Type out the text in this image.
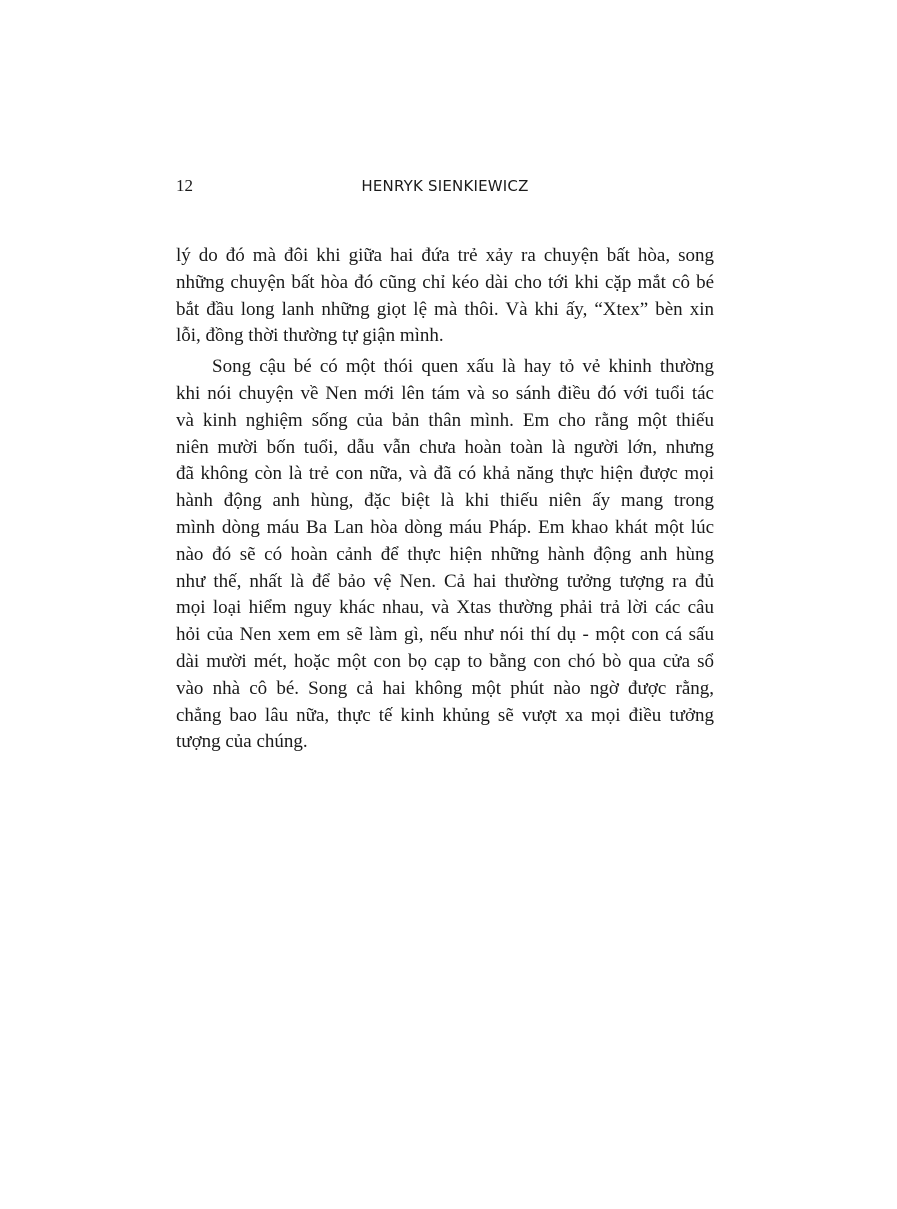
12	HENRYK SIENKIEWICZ
lý do đó mà đôi khi giữa hai đứa trẻ xảy ra chuyện bất hòa, song
những chuyện bất hòa đó cũng chỉ kéo dài cho tới khi cặp mắt cô bé
bắt đầu long lanh những giọt lệ mà thôi. Và khi ấy, “Xtex” bèn xin
lỗi, đồng thời thường tự giận mình.
Song cậu bé có một thói quen xấu là hay tỏ vẻ khinh thường
khi nói chuyện về Nen mới lên tám và so sánh điều đó với tuổi tác
và kinh nghiệm sống của bản thân mình. Em cho rằng một thiếu
niên mười bốn tuổi, dẫu vẫn chưa hoàn toàn là người lớn, nhưng
đã không còn là trẻ con nữa, và đã có khả năng thực hiện được mọi
hành động anh hùng, đặc biệt là khi thiếu niên ấy mang trong
mình dòng máu Ba Lan hòa dòng máu Pháp. Em khao khát một lúc
nào đó sẽ có hoàn cảnh để thực hiện những hành động anh hùng
như thế, nhất là để bảo vệ Nen. Cả hai thường tưởng tượng ra đủ
mọi loại hiểm nguy khác nhau, và Xtas thường phải trả lời các câu
hỏi của Nen xem em sẽ làm gì, nếu như nói thí dụ - một con cá sấu
dài mười mét, hoặc một con bọ cạp to bằng con chó bò qua cửa sổ
vào nhà cô bé. Song cả hai không một phút nào ngờ được rằng,
chẳng bao lâu nữa, thực tế kinh khủng sẽ vượt xa mọi điều tưởng
tượng của chúng.
